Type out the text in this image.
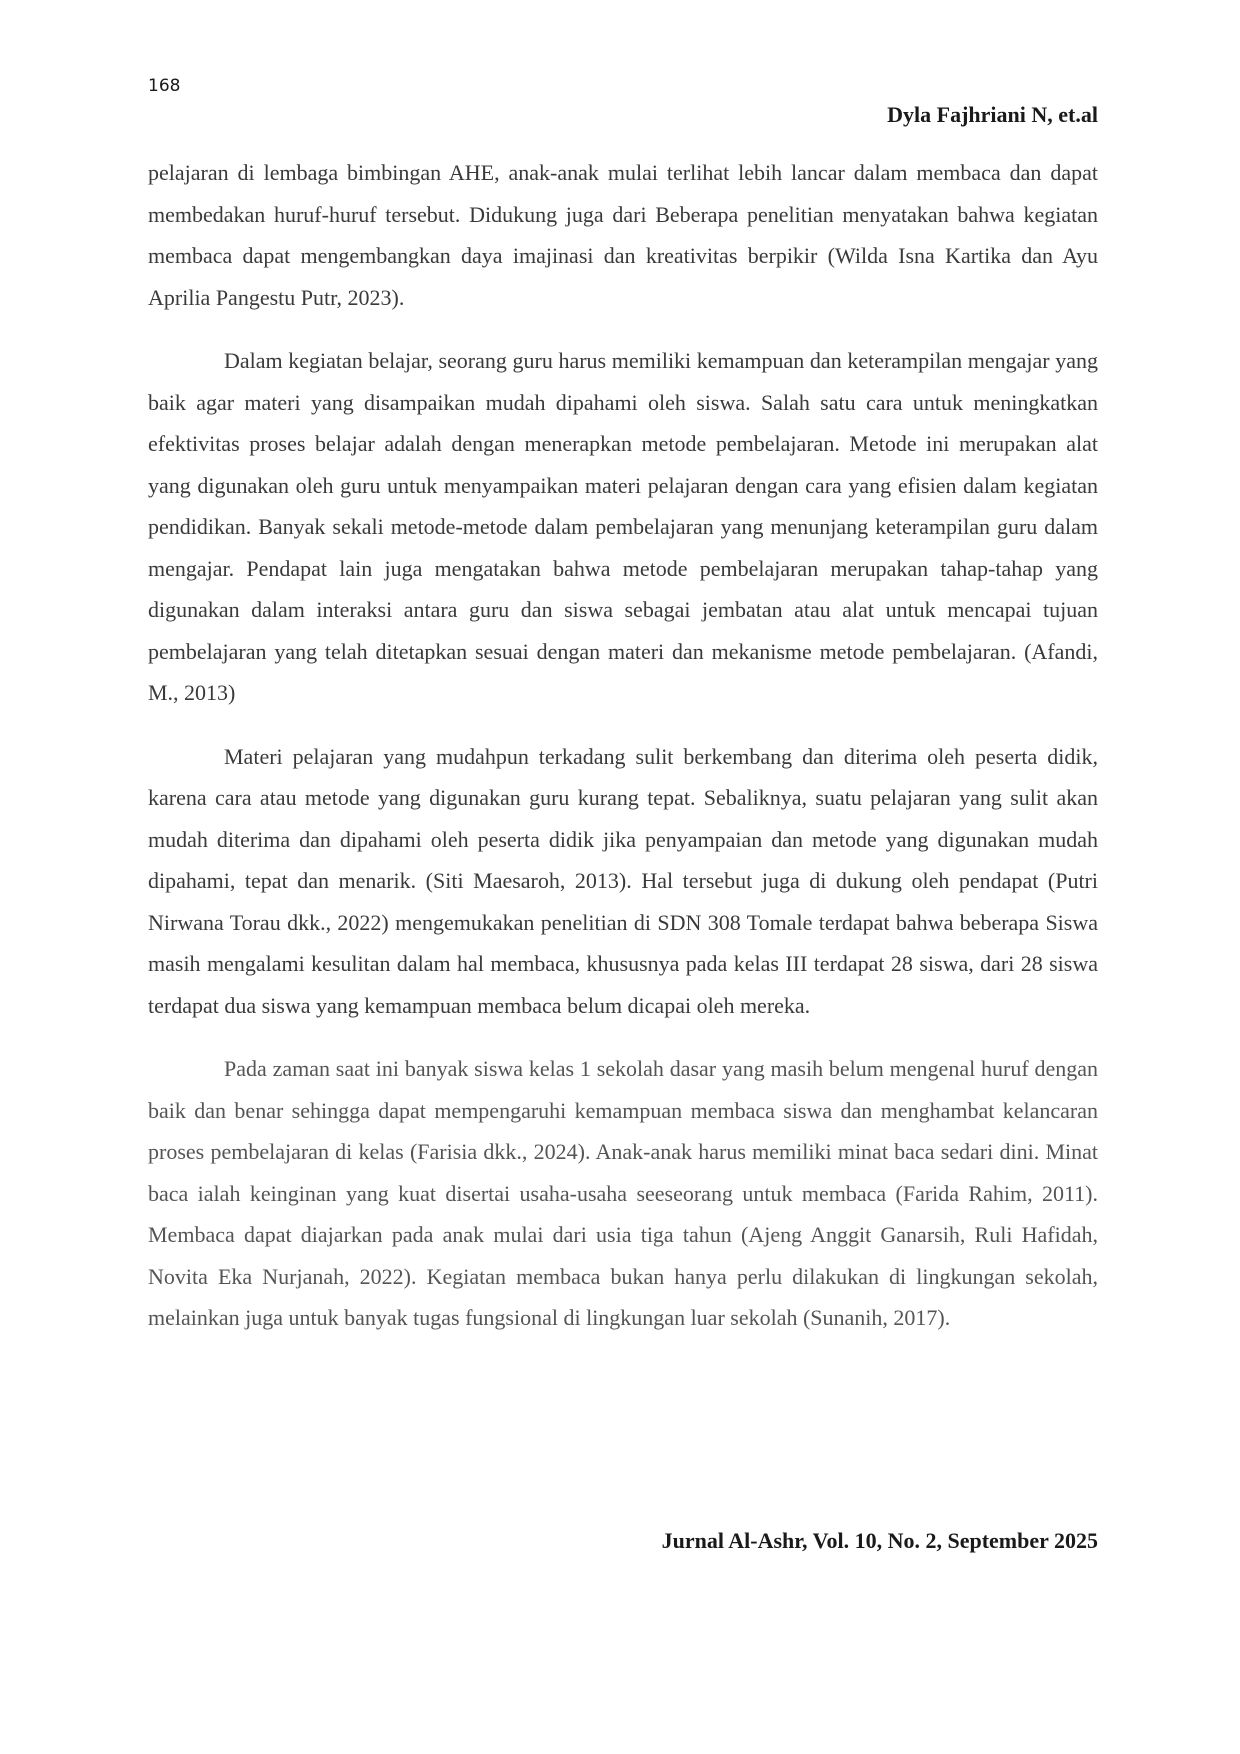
168
Dyla Fajhriani N, et.al

pelajaran di lembaga bimbingan AHE, anak-anak mulai terlihat lebih lancar dalam membaca dan dapat membedakan huruf-huruf tersebut. Didukung juga dari Beberapa penelitian menyatakan bahwa kegiatan membaca dapat mengembangkan daya imajinasi dan kreativitas berpikir (Wilda Isna Kartika dan Ayu Aprilia Pangestu Putr, 2023).

Dalam kegiatan belajar, seorang guru harus memiliki kemampuan dan keterampilan mengajar yang baik agar materi yang disampaikan mudah dipahami oleh siswa. Salah satu cara untuk meningkatkan efektivitas proses belajar adalah dengan menerapkan metode pembelajaran. Metode ini merupakan alat yang digunakan oleh guru untuk menyampaikan materi pelajaran dengan cara yang efisien dalam kegiatan pendidikan. Banyak sekali metode-metode dalam pembelajaran yang menunjang keterampilan guru dalam mengajar. Pendapat lain juga mengatakan bahwa metode pembelajaran merupakan tahap-tahap yang digunakan dalam interaksi antara guru dan siswa sebagai jembatan atau alat untuk mencapai tujuan pembelajaran yang telah ditetapkan sesuai dengan materi dan mekanisme metode pembelajaran. (Afandi, M., 2013)

Materi pelajaran yang mudahpun terkadang sulit berkembang dan diterima oleh peserta didik, karena cara atau metode yang digunakan guru kurang tepat. Sebaliknya, suatu pelajaran yang sulit akan mudah diterima dan dipahami oleh peserta didik jika penyampaian dan metode yang digunakan mudah dipahami, tepat dan menarik. (Siti Maesaroh, 2013). Hal tersebut juga di dukung oleh pendapat (Putri Nirwana Torau dkk., 2022) mengemukakan penelitian di SDN 308 Tomale terdapat bahwa beberapa Siswa masih mengalami kesulitan dalam hal membaca, khususnya pada kelas III terdapat 28 siswa, dari 28 siswa terdapat dua siswa yang kemampuan membaca belum dicapai oleh mereka.

Pada zaman saat ini banyak siswa kelas 1 sekolah dasar yang masih belum mengenal huruf dengan baik dan benar sehingga dapat mempengaruhi kemampuan membaca siswa dan menghambat kelancaran proses pembelajaran di kelas (Farisia dkk., 2024). Anak-anak harus memiliki minat baca sedari dini. Minat baca ialah keinginan yang kuat disertai usaha-usaha seeseorang untuk membaca (Farida Rahim, 2011). Membaca dapat diajarkan pada anak mulai dari usia tiga tahun (Ajeng Anggit Ganarsih, Ruli Hafidah, Novita Eka Nurjanah, 2022). Kegiatan membaca bukan hanya perlu dilakukan di lingkungan sekolah, melainkan juga untuk banyak tugas fungsional di lingkungan luar sekolah (Sunanih, 2017).

Jurnal Al-Ashr, Vol. 10, No. 2, September 2025
